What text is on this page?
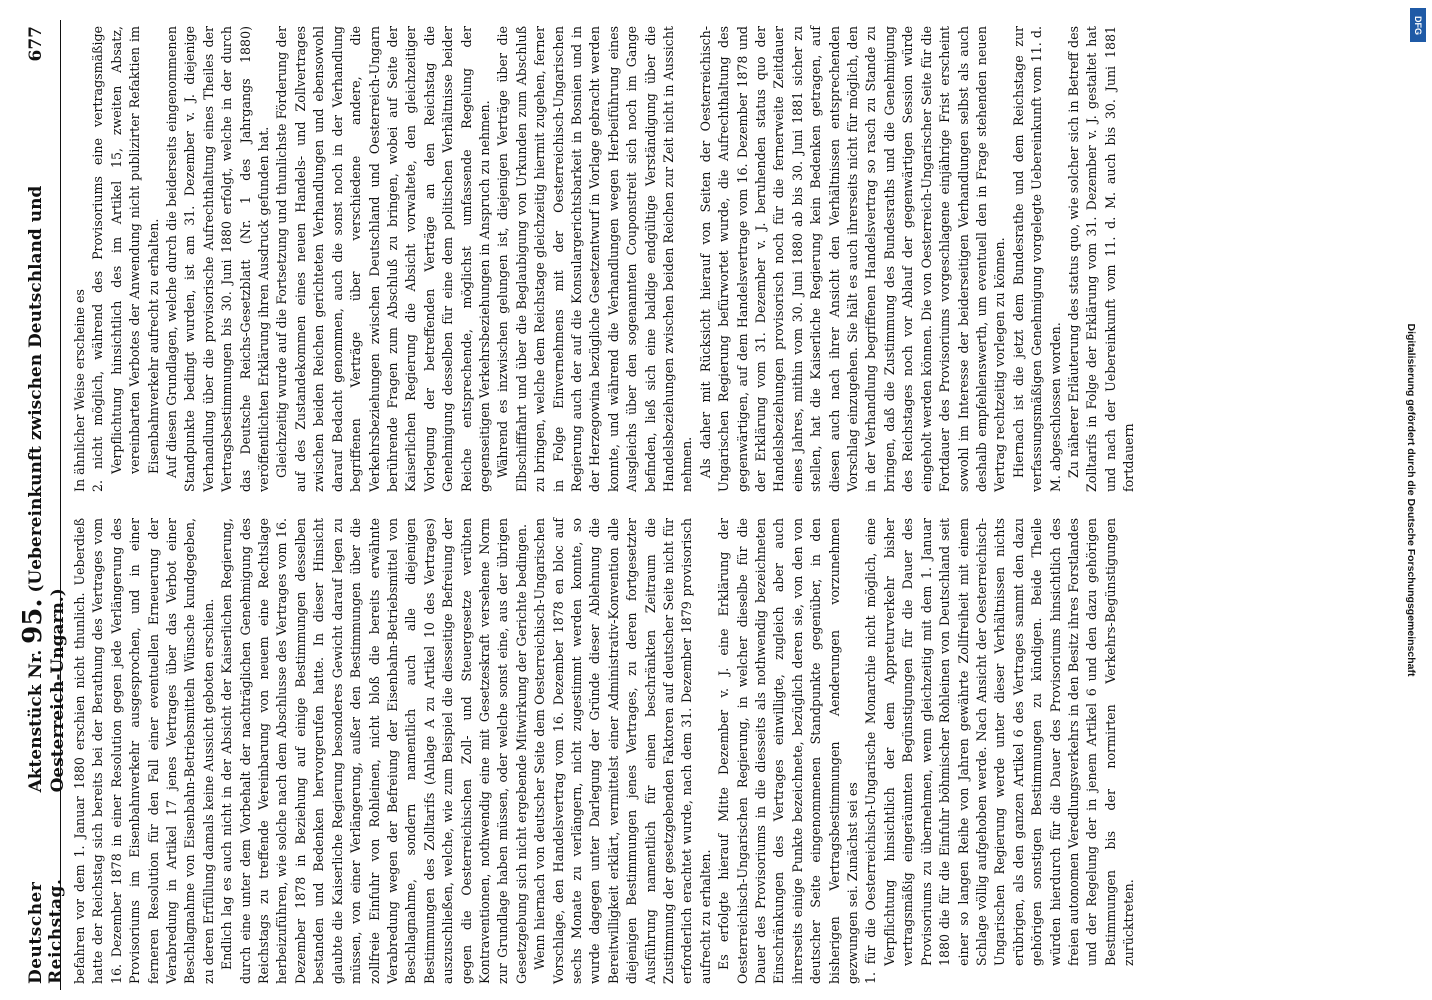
Deutscher Reichstag.
Aktenstück Nr. 95. (Uebereinkunft zwischen Deutschland und Oesterreich-Ungarn.)
677

befahren vor dem 1. Januar 1880 erschien nicht thunlich. Ueberdieß hatte der Reichstag sich bereits bei der Berathung des Vertrages vom 16. Dezember 1878 in einer Resolution gegen jede Verlängerung des Provisoriums im Eisenbahnverkehr ausgesprochen, und in einer ferneren Resolution für den Fall einer eventuellen Erneuerung der Verabredung in Artikel 17 jenes Vertrages über das Verbot einer Beschlagnahme von Eisenbahn-Betriebsmitteln Wünsche kundgegeben, zu deren Erfüllung damals keine Aussicht geboten erschien. Endlich lag es auch nicht in der Absicht der Kaiserlichen Regierung, durch eine unter dem Vorbehalt der nachträglichen Genehmigung des Reichstags zu treffende Vereinbarung von neuem eine Rechtslage herbeizuführen, wie solche nach dem Abschlusse des Vertrages vom 16. Dezember 1878 in Beziehung auf einige Bestimmungen desselben bestanden und Bedenken hervorgerufen hatte. In dieser Hinsicht glaubte die Kaiserliche Regierung besonderes Gewicht darauf legen zu müssen, von einer Verlängerung, außer den Bestimmungen über die zollfreie Einfuhr von Rohleinen, nicht bloß die bereits erwähnte Verabredung wegen der Befreiung der Eisenbahn-Betriebsmittel von Beschlagnahme, sondern namentlich auch alle diejenigen Bestimmungen des Zolltarifs (Anlage A zu Artikel 10 des Vertrages) auszuschließen, welche, wie zum Beispiel die diesseitige Befreiung der gegen die Oesterreichischen Zoll- und Steuergesetze verübten Kontraventionen, nothwendig eine mit Gesetzeskraft versehene Norm zur Grundlage haben müssen, oder welche sonst eine, aus der übrigen Gesetzgebung sich nicht ergebende Mitwirkung der Gerichte bedingen. Wenn hiernach von deutscher Seite dem Oesterreichisch-Ungarischen Vorschlage, den Handelsvertrag vom 16. Dezember 1878 en bloc auf sechs Monate zu verlängern, nicht zugestimmt werden konnte, so wurde dagegen unter Darlegung der Gründe dieser Ablehnung die Bereitwilligkeit erklärt, vermittelst einer Administrativ-Konvention alle diejenigen Bestimmungen jenes Vertrages, zu deren fortgesetzter Ausführung namentlich für einen beschränkten Zeitraum die Zustimmung der gesetzgebenden Faktoren auf deutscher Seite nicht für erforderlich erachtet wurde, nach dem 31. Dezember 1879 provisorisch aufrecht zu erhalten. Es erfolgte hierauf Mitte Dezember v. J. eine Erklärung der Oesterreichisch-Ungarischen Regierung, in welcher dieselbe für die Dauer des Provisoriums in die diesseits als nothwendig bezeichneten Einschränkungen des Vertrages einwilligte, zugleich aber auch ihrerseits einige Punkte bezeichnete, bezüglich deren sie, von den von deutscher Seite eingenommenen Standpunkte gegenüber, in den bisherigen Vertragsbestimmungen Aenderungen vorzunehmen gezwungen sei. Zunächst sei es 1. für die Oesterreichisch-Ungarische Monarchie nicht möglich, eine Verpflichtung hinsichtlich der dem Appreturverkehr bisher vertragsmäßig eingeräumten Begünstigungen für die Dauer des Provisoriums zu übernehmen, wenn gleichzeitig mit dem 1. Januar 1880 die für die Einfuhr böhmischer Rohleinen von Deutschland seit einer so langen Reihe von Jahren gewährte Zollfreiheit mit einem Schlage völlig aufgehoben werde. Nach Ansicht der Oesterreichisch-Ungarischen Regierung werde unter dieser Verhältnissen nichts erübrigen, als den ganzen Artikel 6 des Vertrages sammt den dazu gehörigen sonstigen Bestimmungen zu kündigen. Beide Theile würden hierdurch für die Dauer des Provisoriums hinsichtlich des freien autonomen Veredlungsverkehrs in den Besitz ihres Forstlandes und der Regelung der in jenem Artikel 6 und den dazu gehörigen Bestimmungen bis der normirten Verkehrs-Begünstigungen zurücktreten.

In ähnlicher Weise erscheine es 2. nicht möglich, während des Provisoriums eine vertragsmäßige Verpflichtung hinsichtlich des im Artikel 15, zweiten Absatz, vereinbarten Verbotes der Anwendung nicht publizirter Refaktien im Eisenbahnverkehr aufrecht zu erhalten. Auf diesen Grundlagen, welche durch die beiderseits eingenommenen Standpunkte bedingt wurden, ist am 31. Dezember v. J. diejenige Verhandlung über die provisorische Aufrechthaltung eines Theiles der Vertragsbestimmungen bis 30. Juni 1880 erfolgt, welche in der durch das Deutsche Reichs-Gesetzblatt (Nr. 1 des Jahrgangs 1880) veröffentlichten Erklärung ihren Ausdruck gefunden hat. Gleichzeitig wurde auf die Fortsetzung und thunlichste Förderung der auf des Zustandekommen eines neuen Handels- und Zollvertrages zwischen beiden Reichen gerichteten Verhandlungen und ebensowohl darauf Bedacht genommen, auch die sonst noch in der Verhandlung begriffenen Verträge über verschiedene andere, die Verkehrsbeziehungen zwischen Deutschland und Oesterreich-Ungarn berührende Fragen zum Abschluß zu bringen, wobei auf Seite der Kaiserlichen Regierung die Absicht vorwaltete, den gleichzeitiger Vorlegung der betreffenden Verträge an den Reichstag die Genehmigung desselben für eine dem politischen Verhältnisse beider Reiche entsprechende, möglichst umfassende Regelung der gegenseitigen Verkehrsbeziehungen in Anspruch zu nehmen. Während es inzwischen gelungen ist, diejenigen Verträge über die Elbschifffahrt und über die Beglaubigung von Urkunden zum Abschluß zu bringen, welche dem Reichstage gleichzeitig hiermit zugehen, ferner in Folge Einvernehmens mit der Oesterreichisch-Ungarischen Regierung auch der auf die Konsulargerichtsbarkeit in Bosnien und in der Herzegowina bezügliche Gesetzentwurf in Vorlage gebracht werden konnte, und während die Verhandlungen wegen Herbeiführung eines Ausgleichs über den sogenannten Couponstreit sich noch im Gange befinden, ließ sich eine baldige endgültige Verständigung über die Handelsbeziehungen zwischen beiden Reichen zur Zeit nicht in Aussicht nehmen. Als daher mit Rücksicht hierauf von Seiten der Oesterreichisch-Ungarischen Regierung befürwortet wurde, die Aufrechthaltung des gegenwärtigen, auf dem Handelsvertrage vom 16. Dezember 1878 und der Erklärung vom 31. Dezember v. J. beruhenden status quo der Handelsbeziehungen provisorisch noch für die fernerweite Zeitdauer eines Jahres, mithin vom 30. Juni 1880 ab bis 30. Juni 1881 sicher zu stellen, hat die Kaiserliche Regierung kein Bedenken getragen, auf diesen auch nach ihrer Ansicht den Verhältnissen entsprechenden Vorschlag einzugehen. Sie hält es auch ihrerseits nicht für möglich, den in der Verhandlung begriffenen Handelsvertrag so rasch zu Stande zu bringen, daß die Zustimmung des Bundesraths und die Genehmigung des Reichstages noch vor Ablauf der gegenwärtigen Session würde eingeholt werden können. Die von Oesterreich-Ungarischer Seite für die Fortdauer des Provisoriums vorgeschlagene einjährige Frist erscheint sowohl im Interesse der beiderseitigen Verhandlungen selbst als auch deshalb empfehlenswerth, um eventuell den in Frage stehenden neuen Vertrag rechtzeitig vorlegen zu können. Hiernach ist die jetzt dem Bundesrathe und dem Reichstage zur verfassungsmäßigen Genehmigung vorgelegte Uebereinkunft vom 11. d. M. abgeschlossen worden. Zu näherer Erläuterung des status quo, wie solcher sich in Betreff des Zolltarifs in Folge der Erklärung vom 31. Dezember v. J. gestaltet hat und nach der Uebereinkunft vom 11. d. M. auch bis 30. Juni 1881 fortdauern	Digitalisierung gefördert durch die Deutsche Forschungsgemeinschaft
DFG
